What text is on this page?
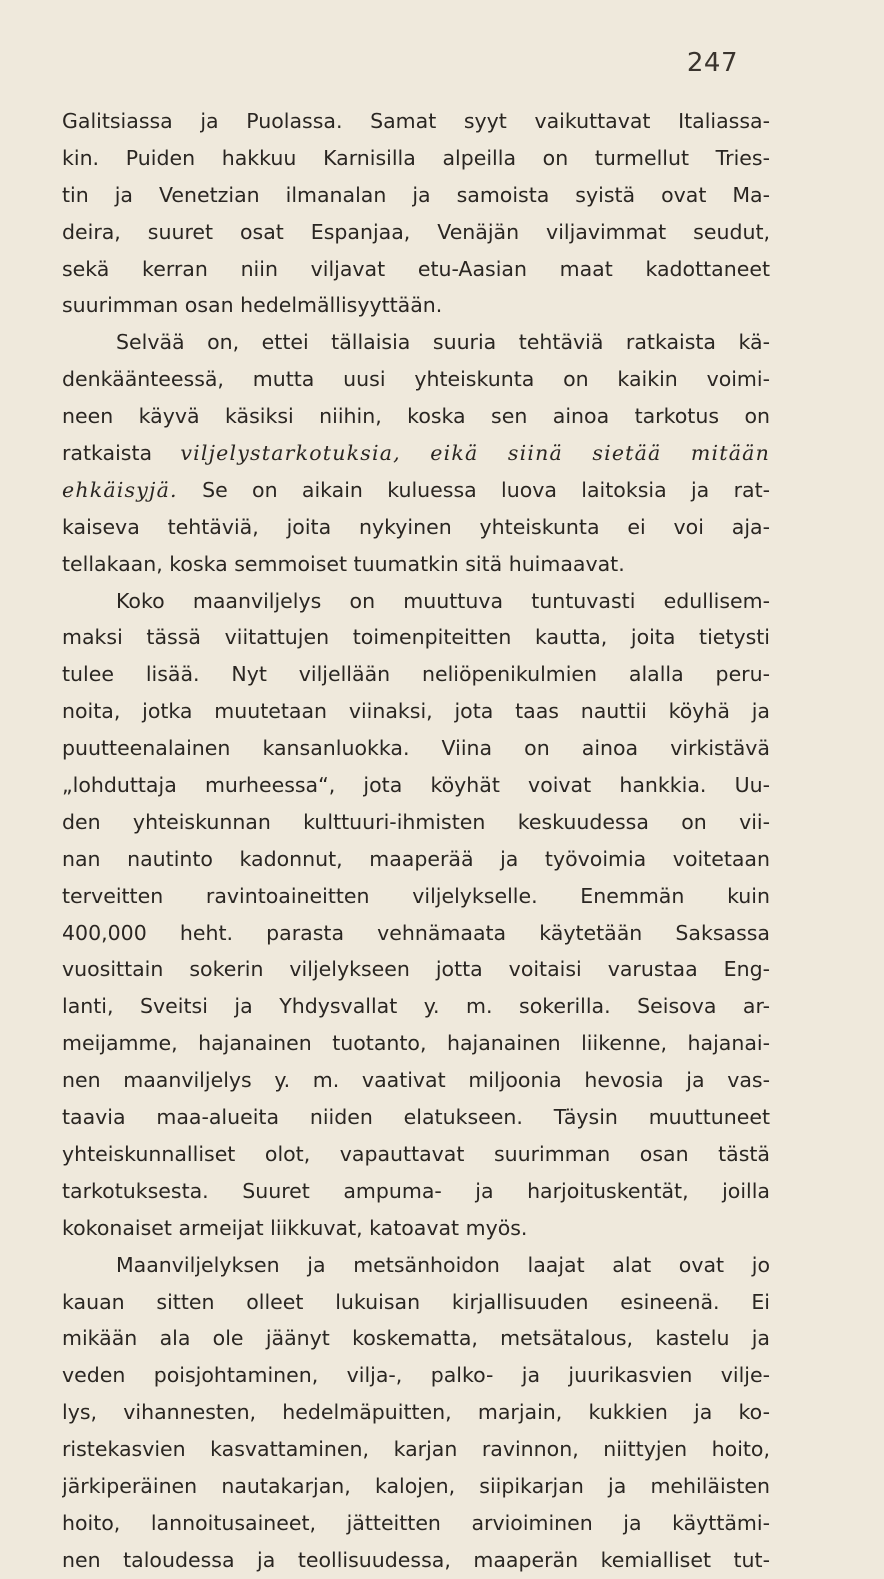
247
Galitsiassa ja Puolassa. Samat syyt vaikuttavat Italiassa-
kin. Puiden hakkuu Karnisilla alpeilla on turmellut Tries-
tin ja Venetzian ilmanalan ja samoista syistä ovat Ma-
deira, suuret osat Espanjaa, Venäjän viljavimmat seudut,
sekä kerran niin viljavat etu-Aasian maat kadottaneet
suurimman osan hedelmällisyyttään.
Selvää on, ettei tällaisia suuria tehtäviä ratkaista kä-
denkäänteessä, mutta uusi yhteiskunta on kaikin voimi-
neen käyvä käsiksi niihin, koska sen ainoa tarkotus on
ratkaista viljelystarkotuksia, eikä siinä sietää mitään
ehkäisyjä. Se on aikain kuluessa luova laitoksia ja rat-
kaiseva tehtäviä, joita nykyinen yhteiskunta ei voi aja-
tellakaan, koska semmoiset tuumatkin sitä huimaavat.
Koko maanviljelys on muuttuva tuntuvasti edullisem-
maksi tässä viitattujen toimenpiteitten kautta, joita tietysti
tulee lisää. Nyt viljellään neliöpenikulmien alalla peru-
noita, jotka muutetaan viinaksi, jota taas nauttii köyhä ja
puutteenalainen kansanluokka. Viina on ainoa virkistävä
„lohduttaja murheessa“, jota köyhät voivat hankkia. Uu-
den yhteiskunnan kulttuuri-ihmisten keskuudessa on vii-
nan nautinto kadonnut, maaperää ja työvoimia voitetaan
terveitten ravintoaineitten viljelykselle. Enemmän kuin
400,000 heht. parasta vehnämaata käytetään Saksassa
vuosittain sokerin viljelykseen jotta voitaisi varustaa Eng-
lanti, Sveitsi ja Yhdysvallat y. m. sokerilla. Seisova ar-
meijamme, hajanainen tuotanto, hajanainen liikenne, hajanai-
nen maanviljelys y. m. vaativat miljoonia hevosia ja vas-
taavia maa-alueita niiden elatukseen. Täysin muuttuneet
yhteiskunnalliset olot, vapauttavat suurimman osan tästä
tarkotuksesta. Suuret ampuma- ja harjoituskentät, joilla
kokonaiset armeijat liikkuvat, katoavat myös.
Maanviljelyksen ja metsänhoidon laajat alat ovat jo
kauan sitten olleet lukuisan kirjallisuuden esineenä. Ei
mikään ala ole jäänyt koskematta, metsätalous, kastelu ja
veden poisjohtaminen, vilja-, palko- ja juurikasvien vilje-
lys, vihannesten, hedelmäpuitten, marjain, kukkien ja ko-
ristekasvien kasvattaminen, karjan ravinnon, niittyjen hoito,
järkiperäinen nautakarjan, kalojen, siipikarjan ja mehiläisten
hoito, lannoitusaineet, jätteitten arvioiminen ja käyttämi-
nen taloudessa ja teollisuudessa, maaperän kemialliset tut-
